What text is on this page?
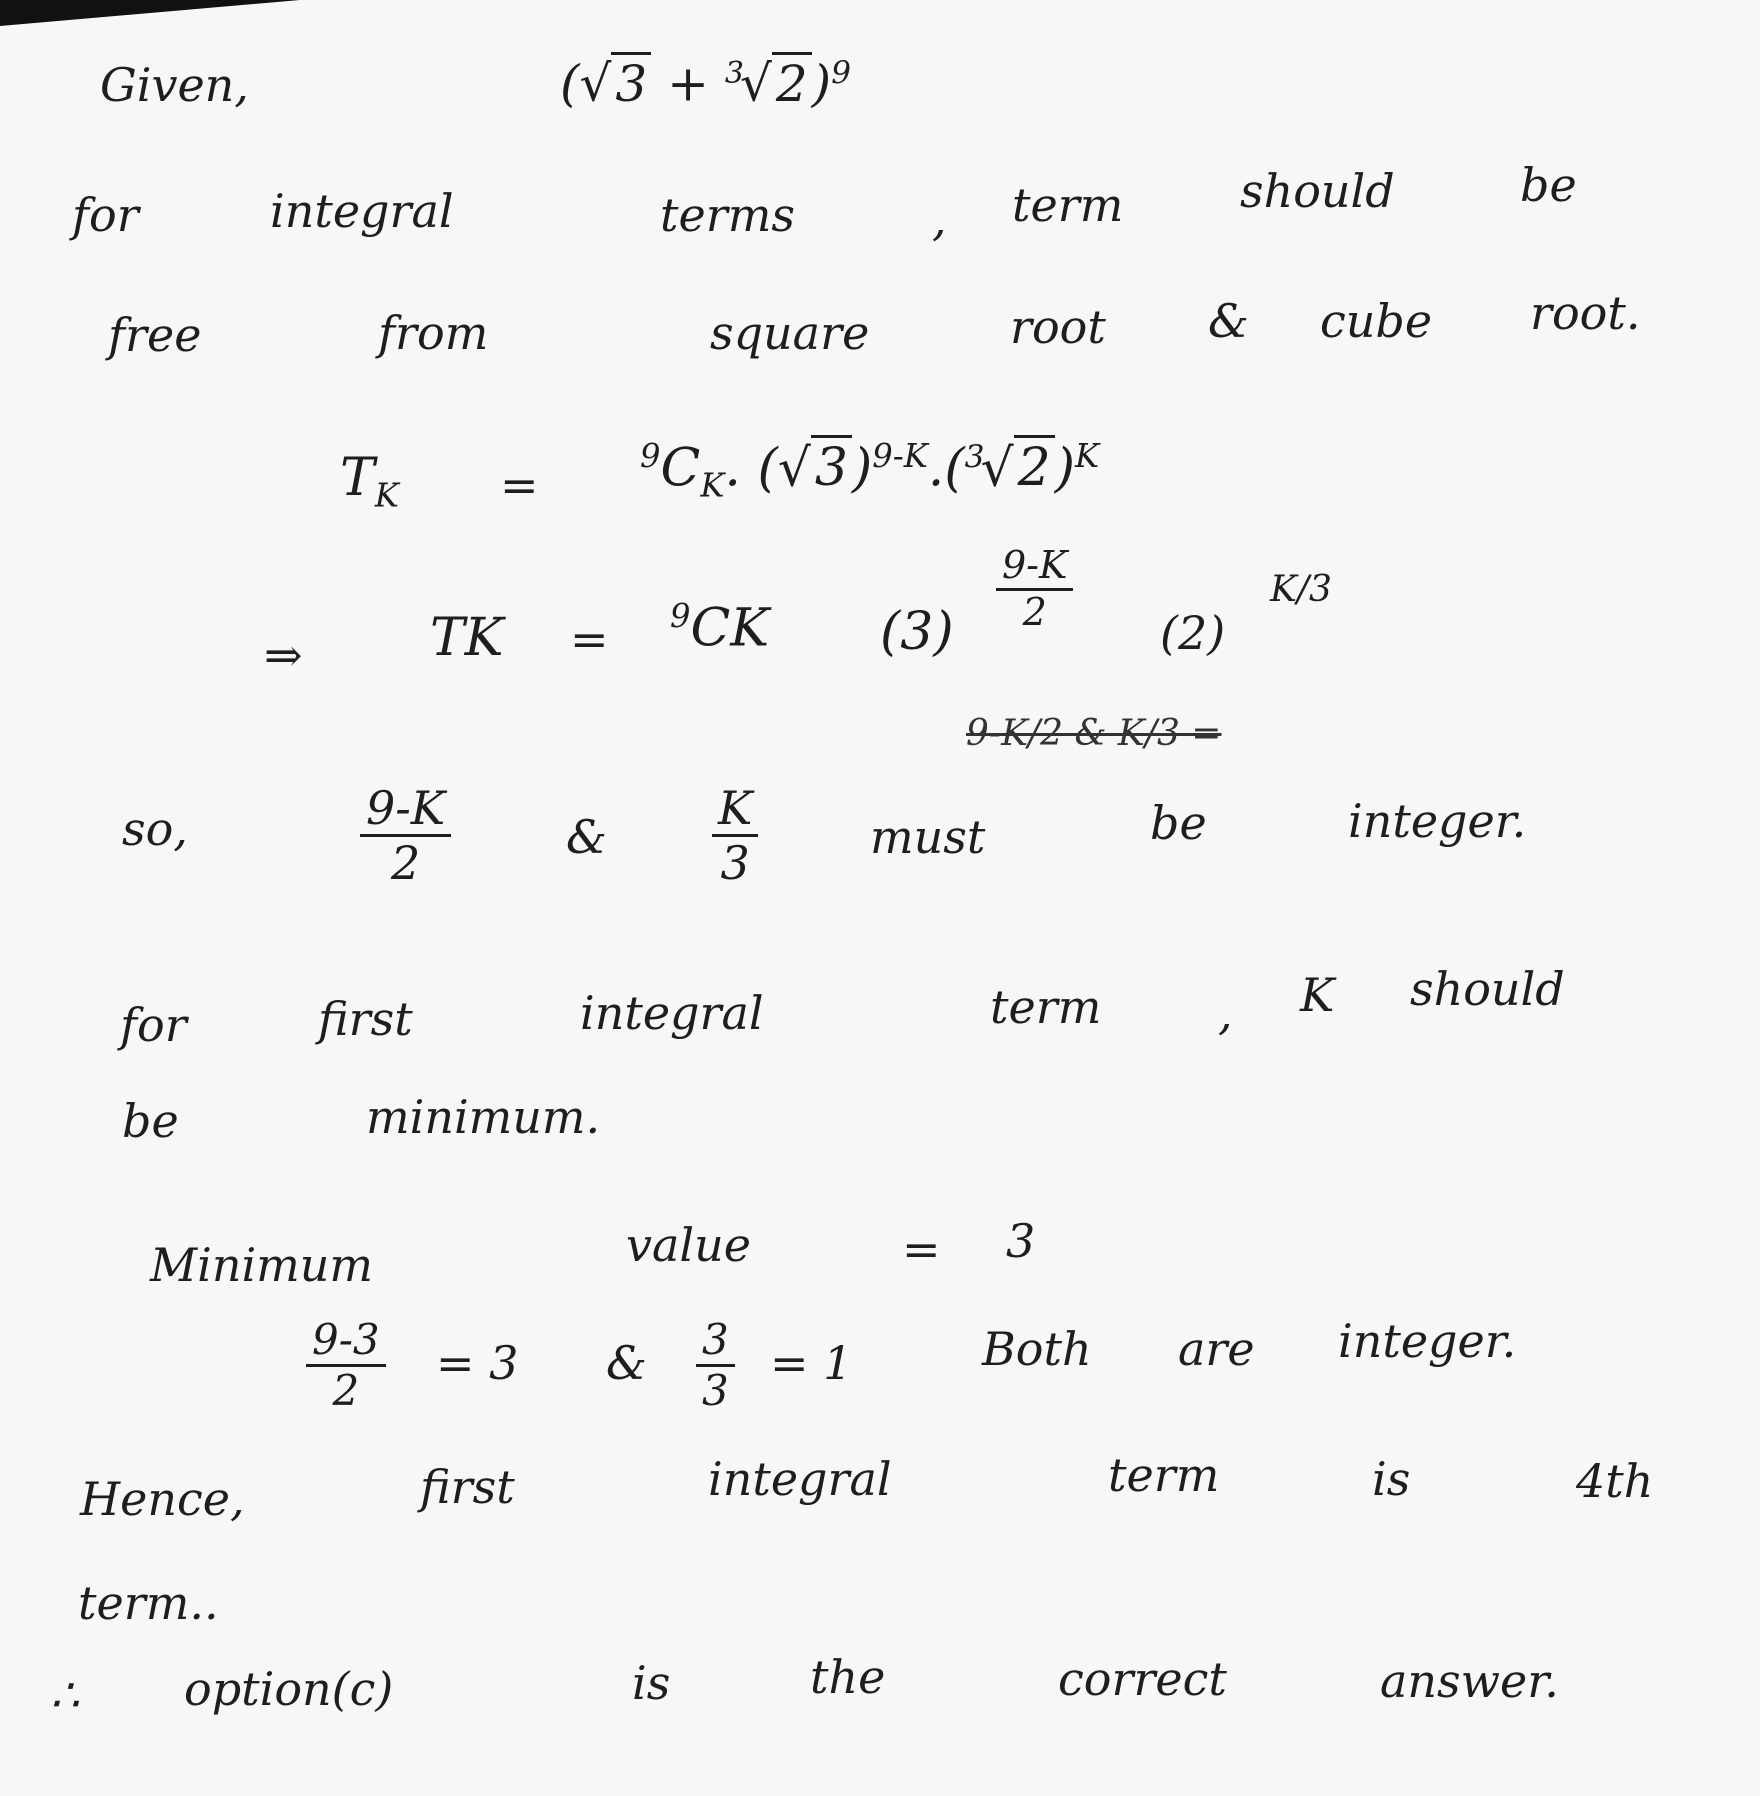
Given,	$(√3 + ^3√2)^9$
for	integral	terms	, term	should	be
free	from	square	root & cube root.
$T_K$ =
$^9C_K$. $(√3)^{9-K}.(^3√2)^K$
⇒ TK = $^9$CK $(3) \frac{9-K}{2}$
(2)
K/3
9-K/2 & K/3 =
so,	$\frac{9-K}{2}$ & $\frac{K}{3}$ must	be	integer.
for	first	integral	term	, K should
be	minimum.
Minimum	value	= 3
$\frac{9-3}{2} = 3$ & $\frac{3}{3} = 1$	Both are integer.
Hence,	first	integral	term	is	4th
term..
∴ option(c)	is	the	correct	answer.
